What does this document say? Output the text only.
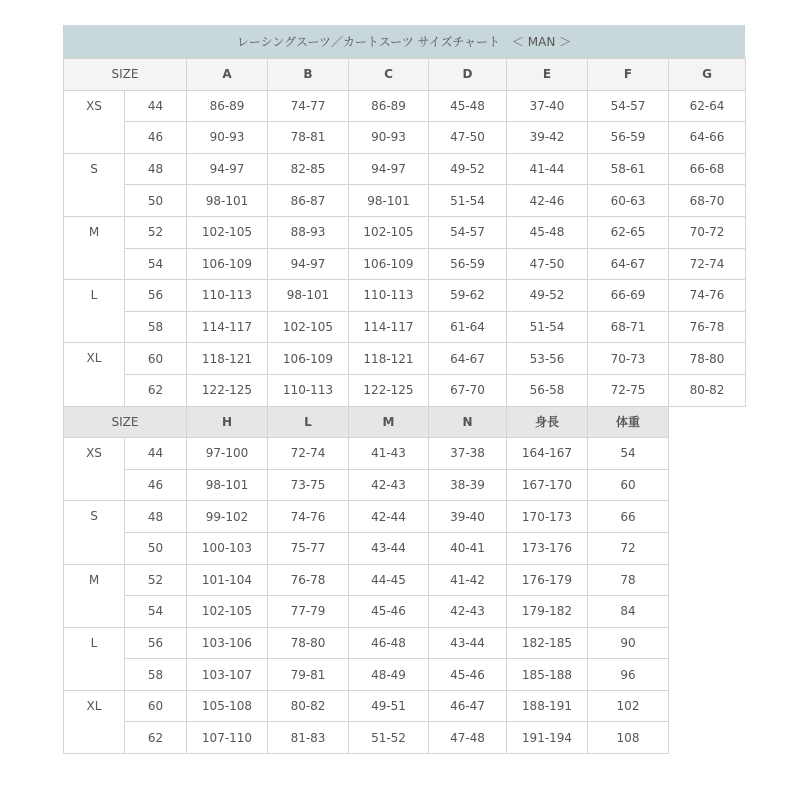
レーシングスーツ／カートスーツ サイズチャート　＜ MAN ＞
SIZE		A	B	C	D	E	F	G
XS	44	86-89	74-77	86-89	45-48	37-40	54-57	62-64
	46	90-93	78-81	90-93	47-50	39-42	56-59	64-66
S	48	94-97	82-85	94-97	49-52	41-44	58-61	66-68
	50	98-101	86-87	98-101	51-54	42-46	60-63	68-70
M	52	102-105	88-93	102-105	54-57	45-48	62-65	70-72
	54	106-109	94-97	106-109	56-59	47-50	64-67	72-74
L	56	110-113	98-101	110-113	59-62	49-52	66-69	74-76
	58	114-117	102-105	114-117	61-64	51-54	68-71	76-78
XL	60	118-121	106-109	118-121	64-67	53-56	70-73	78-80
	62	122-125	110-113	122-125	67-70	56-58	72-75	80-82
SIZE		H	L	M	N	身長	体重	
XS	44	97-100	72-74	41-43	37-38	164-167	54	
	46	98-101	73-75	42-43	38-39	167-170	60	
S	48	99-102	74-76	42-44	39-40	170-173	66	
	50	100-103	75-77	43-44	40-41	173-176	72	
M	52	101-104	76-78	44-45	41-42	176-179	78	
	54	102-105	77-79	45-46	42-43	179-182	84	
L	56	103-106	78-80	46-48	43-44	182-185	90	
	58	103-107	79-81	48-49	45-46	185-188	96	
XL	60	105-108	80-82	49-51	46-47	188-191	102	
	62	107-110	81-83	51-52	47-48	191-194	108	
